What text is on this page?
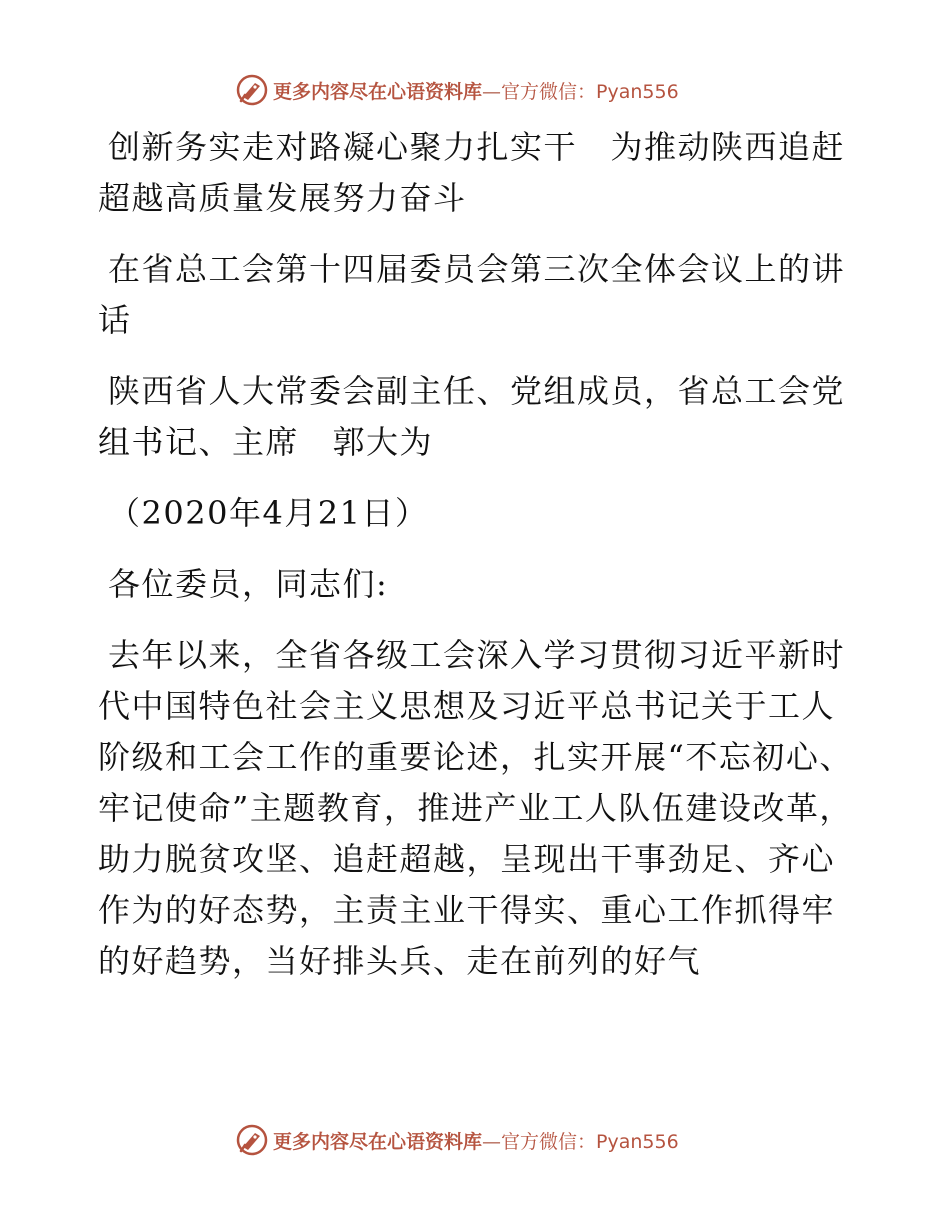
更多内容尽在心语资料库—官方微信：Pyan556

创新务实走对路凝心聚力扎实干　为推动陕西追赶超越高质量发展努力奋斗

在省总工会第十四届委员会第三次全体会议上的讲话

陕西省人大常委会副主任、党组成员，省总工会党组书记、主席　郭大为

（2020年4月21日）

各位委员，同志们:

去年以来，全省各级工会深入学习贯彻习近平新时代中国特色社会主义思想及习近平总书记关于工人阶级和工会工作的重要论述，扎实开展“不忘初心、牢记使命”主题教育，推进产业工人队伍建设改革，助力脱贫攻坚、追赶超越，呈现出干事劲足、齐心作为的好态势，主责主业干得实、重心工作抓得牢的好趋势，当好排头兵、走在前列的好气

更多内容尽在心语资料库—官方微信：Pyan556
